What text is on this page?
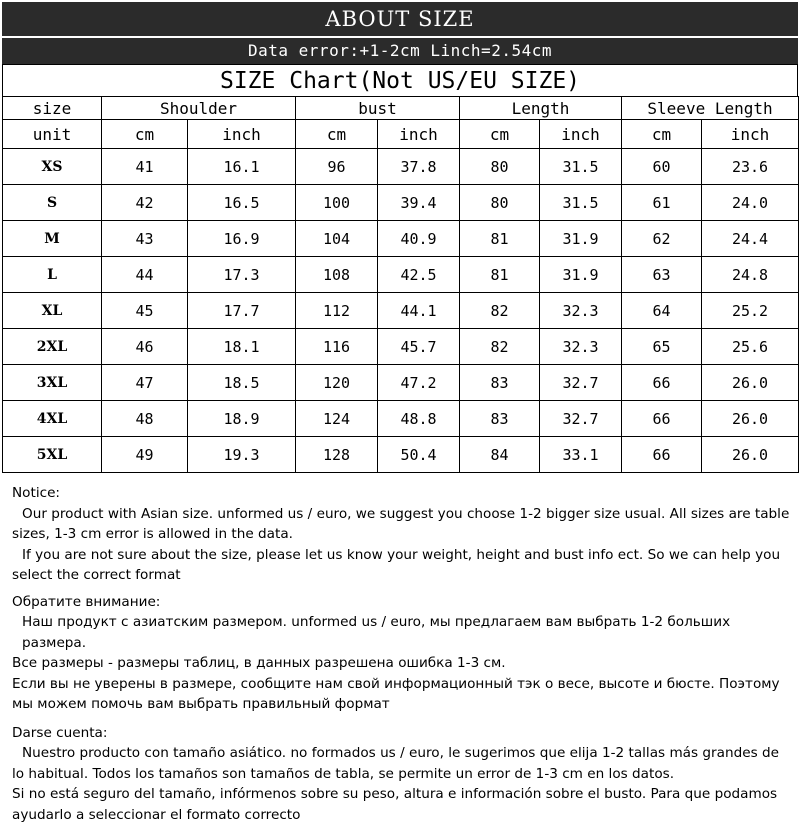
ABOUT SIZE
Data error:+1-2cm Linch=2.54cm
SIZE Chart(Not US/EU SIZE)
size	Shoulder		bust		Length		Sleeve Length	
unit	cm	inch	cm	inch	cm	inch	cm	inch
XS	41	16.1	96	37.8	80	31.5	60	23.6
S	42	16.5	100	39.4	80	31.5	61	24.0
M	43	16.9	104	40.9	81	31.9	62	24.4
L	44	17.3	108	42.5	81	31.9	63	24.8
XL	45	17.7	112	44.1	82	32.3	64	25.2
2XL	46	18.1	116	45.7	82	32.3	65	25.6
3XL	47	18.5	120	47.2	83	32.7	66	26.0
4XL	48	18.9	124	48.8	83	32.7	66	26.0
5XL	49	19.3	128	50.4	84	33.1	66	26.0
Notice:
Our product with Asian size. unformed us / euro, we suggest you choose 1-2 bigger size usual. All sizes are table
sizes, 1-3 cm error is allowed in the data.
If you are not sure about the size, please let us know your weight, height and bust info ect. So we can help you
select the correct format
Обратите внимание:
Наш продукт с азиатским размером. unformed us / euro, мы предлагаем вам выбрать 1-2 больших размера.
Все размеры - размеры таблиц, в данных разрешена ошибка 1-3 см.
Если вы не уверены в размере, сообщите нам свой информационный тэк о весе, высоте и бюсте. Поэтому
мы можем помочь вам выбрать правильный формат
Darse cuenta:
Nuestro producto con tamaño asiático. no formados us / euro, le sugerimos que elija 1-2 tallas más grandes de
lo habitual. Todos los tamaños son tamaños de tabla, se permite un error de 1-3 cm en los datos.
Si no está seguro del tamaño, infórmenos sobre su peso, altura e información sobre el busto. Para que podamos
ayudarlo a seleccionar el formato correcto
